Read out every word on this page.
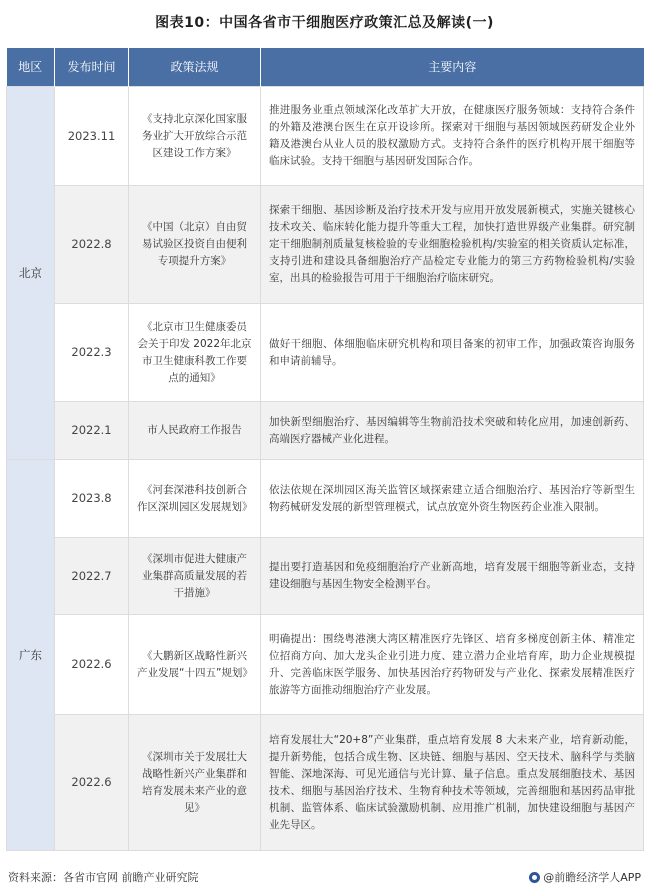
图表10：中国各省市干细胞医疗政策汇总及解读(一)
地区	发布时间	政策法规	主要内容
北京	2023.11	《支持北京深化国家服务业扩大开放综合示范区建设工作方案》	推进服务业重点领域深化改革扩大开放，在健康医疗服务领域：支持符合条件的外籍及港澳台医生在京开设诊所。探索对干细胞与基因领域医药研发企业外籍及港澳台从业人员的股权激励方式。支持符合条件的医疗机构开展干细胞等临床试验。支持干细胞与基因研发国际合作。
	2022.8	《中国（北京）自由贸易试验区投资自由便利专项提升方案》	探索干细胞、基因诊断及治疗技术开发与应用开放发展新模式，实施关键核心技术攻关、临床转化能力提升等重大工程，加快打造世界级产业集群。研究制定干细胞制剂质量复核检验的专业细胞检验机构/实验室的相关资质认定标准，支持引进和建设具备细胞治疗产品检定专业能力的第三方药物检验机构/实验室，出具的检验报告可用于干细胞治疗临床研究。
	2022.3	《北京市卫生健康委员会关于印发 2022年北京市卫生健康科教工作要点的通知》	做好干细胞、体细胞临床研究机构和项目备案的初审工作，加强政策咨询服务和申请前辅导。
	2022.1	市人民政府工作报告	加快新型细胞治疗、基因编辑等生物前沿技术突破和转化应用，加速创新药、高端医疗器械产业化进程。
广东	2023.8	《河套深港科技创新合作区深圳园区发展规划》	依法依规在深圳园区海关监管区域探索建立适合细胞治疗、基因治疗等新型生物药械研发发展的新型管理模式，试点放宽外资生物医药企业准入限制。
	2022.7	《深圳市促进大健康产业集群高质量发展的若干措施》	提出要打造基因和免疫细胞治疗产业新高地，培育发展干细胞等新业态，支持建设细胞与基因生物安全检测平台。
	2022.6	《大鹏新区战略性新兴产业发展“十四五”规划》	明确提出：围绕粤港澳大湾区精准医疗先锋区、培育多梯度创新主体、精准定位招商方向、加大龙头企业引进力度、建立潜力企业培育库，助力企业规模提升、完善临床医学服务、加快基因治疗药物研发与产业化、探索发展精准医疗旅游等方面推动细胞治疗产业发展。
	2022.6	《深圳市关于发展壮大战略性新兴产业集群和培育发展未来产业的意见》	培育发展壮大“20+8”产业集群，重点培育发展 8 大未来产业，培育新动能，提升新势能，包括合成生物、区块链、细胞与基因、空天技术、脑科学与类脑智能、深地深海、可见光通信与光计算、量子信息。重点发展细胞技术、基因技术、细胞与基因治疗技术、生物育种技术等领域，完善细胞和基因药品审批机制、监管体系、临床试验激励机制、应用推广机制，加快建设细胞与基因产业先导区。
资料来源：各省市官网 前瞻产业研究院	@前瞻经济学人APP
